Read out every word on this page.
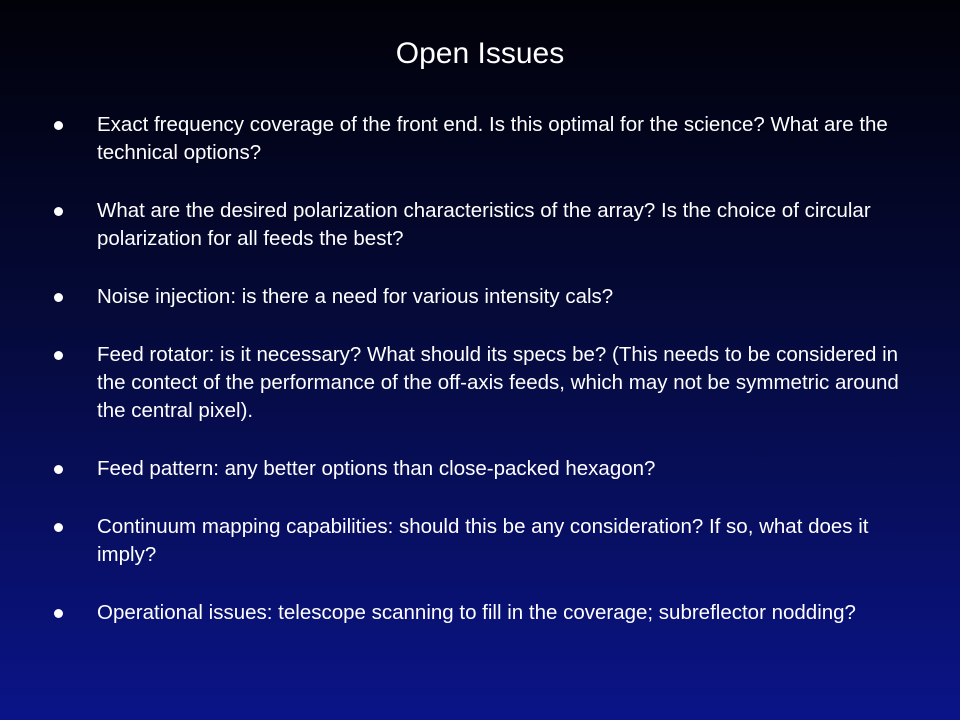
Open Issues
Exact frequency coverage of the front end. Is this optimal for the science? What are the technical options?
What are the desired polarization characteristics of the array? Is the choice of circular polarization for all feeds the best?
Noise injection: is there a need for various intensity cals?
Feed rotator: is it necessary? What should its specs be? (This needs to be considered in the contect of the performance of the off-axis feeds, which may not be symmetric around the central pixel).
Feed pattern: any better options than close-packed hexagon?
Continuum mapping capabilities: should this be any consideration? If so, what does it imply?
Operational issues: telescope scanning to fill in the coverage; subreflector nodding?
